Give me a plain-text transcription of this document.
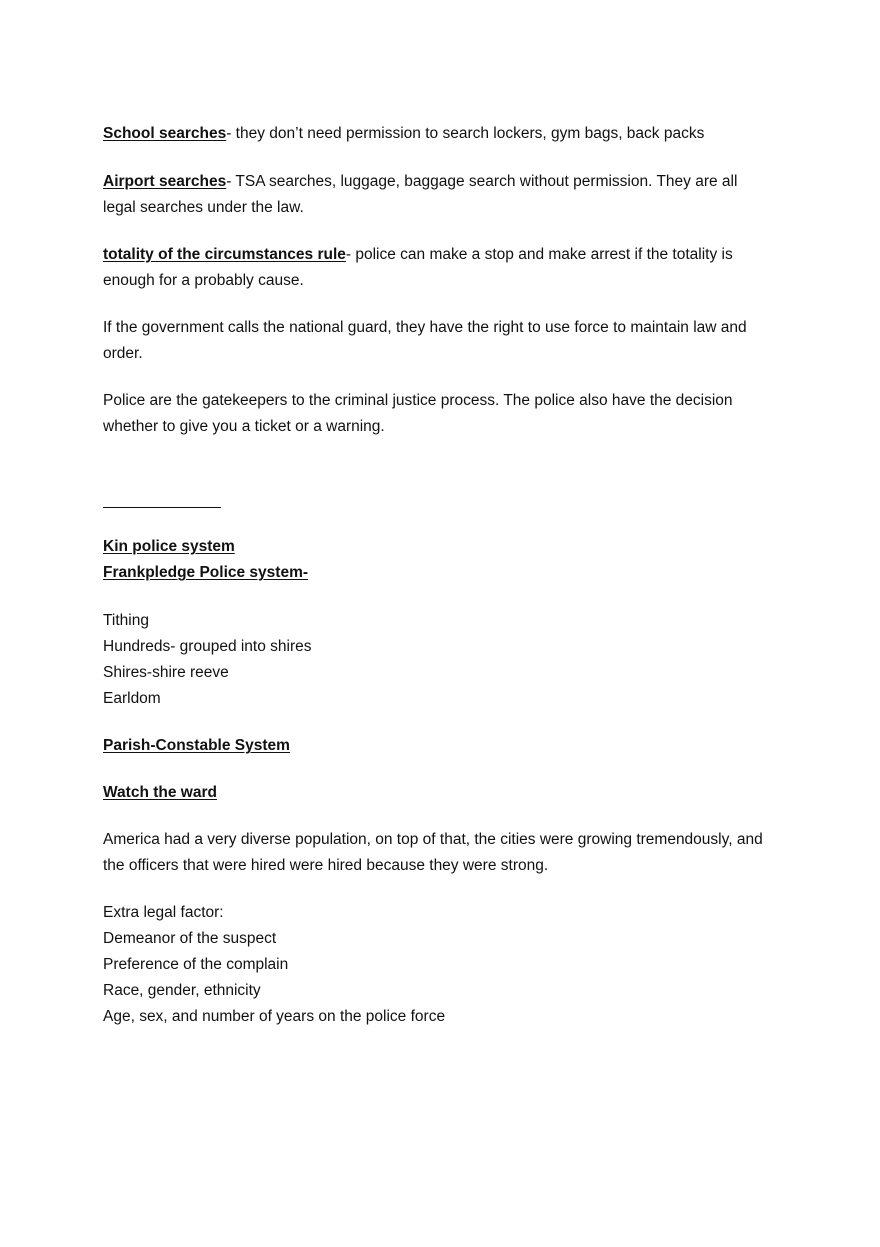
School searches- they don’t need permission to search lockers, gym bags, back packs

Airport searches- TSA searches, luggage, baggage search without permission. They are all legal searches under the law.

totality of the circumstances rule- police can make a stop and make arrest if the totality is enough for a probably cause.

If the government calls the national guard, they have the right to use force to maintain law and order.

Police are the gatekeepers to the criminal justice process. The police also have the decision whether to give you a ticket or a warning.

Kin police system

Frankpledge Police system-

Tithing

Hundreds- grouped into shires

Shires-shire reeve

Earldom

Parish-Constable System

Watch the ward

America had a very diverse population, on top of that, the cities were growing tremendously, and the officers that were hired were hired because they were strong.

Extra legal factor:

Demeanor of the suspect

Preference of the complain

Race, gender, ethnicity

Age, sex, and number of years on the police force
